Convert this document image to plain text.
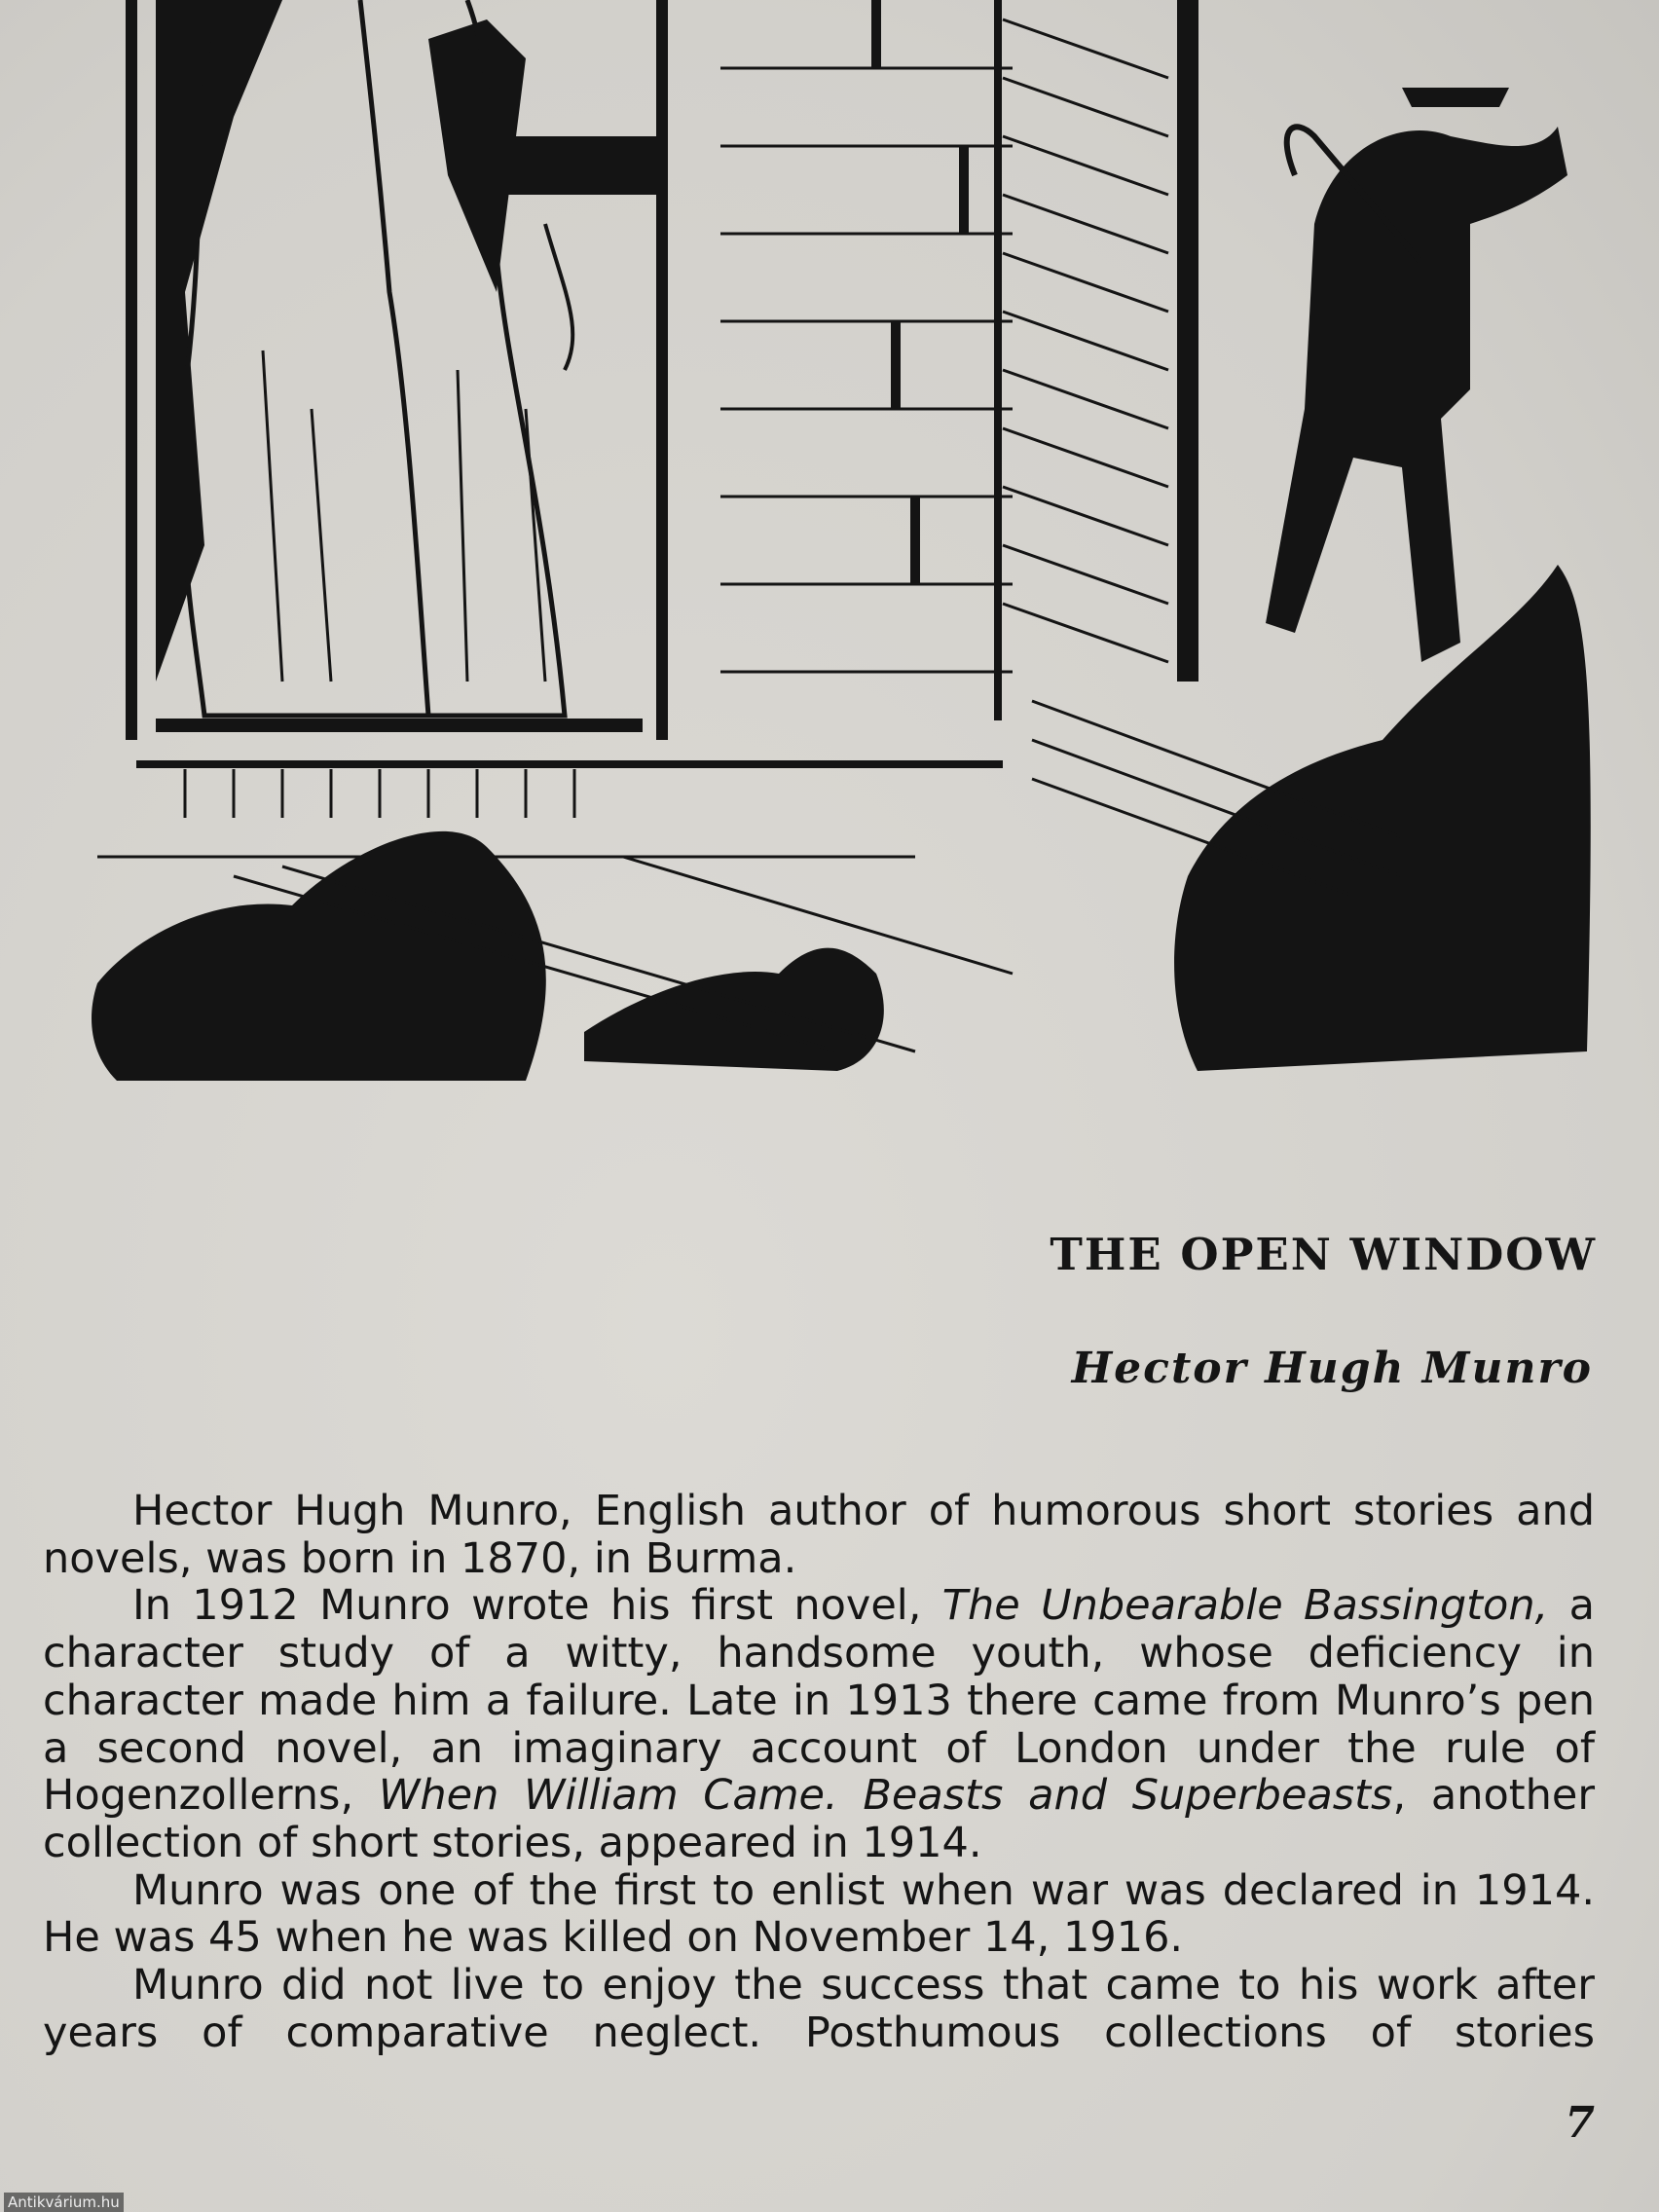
THE OPEN WINDOW
Hector Hugh Munro

Hector Hugh Munro, English author of humorous short stories and novels, was born in 1870, in Burma.

In 1912 Munro wrote his first novel, The Unbearable Bassington, a character study of a witty, handsome youth, whose deficiency in character made him a failure. Late in 1913 there came from Munro’s pen a second novel, an imaginary account of London under the rule of Hogenzollerns, When William Came. Beasts and Superbeasts, another collection of short stories, appeared in 1914.

Munro was one of the first to enlist when war was declared in 1914. He was 45 when he was killed on November 14, 1916.

Munro did not live to enjoy the success that came to his work after years of comparative neglect. Posthumous collections of stories

7
Antikvárium.hu
